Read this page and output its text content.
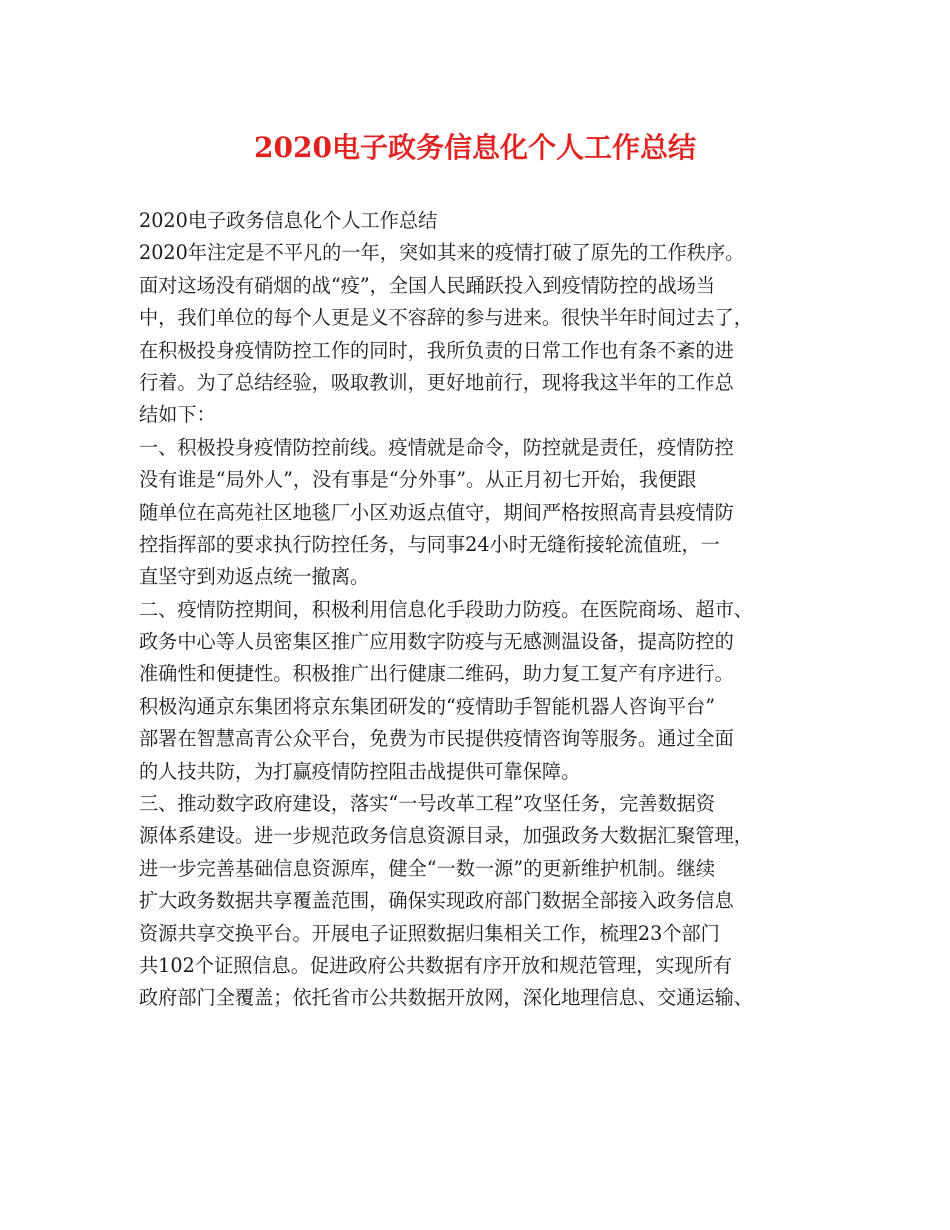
2020电子政务信息化个人工作总结
2020电子政务信息化个人工作总结
2020年注定是不平凡的一年，突如其来的疫情打破了原先的工作秩序。
面对这场没有硝烟的战“疫”，全国人民踊跃投入到疫情防控的战场当
中，我们单位的每个人更是义不容辞的参与进来。很快半年时间过去了，
在积极投身疫情防控工作的同时，我所负责的日常工作也有条不紊的进
行着。为了总结经验，吸取教训，更好地前行，现将我这半年的工作总
结如下：
一、积极投身疫情防控前线。疫情就是命令，防控就是责任，疫情防控
没有谁是“局外人”，没有事是“分外事”。从正月初七开始，我便跟
随单位在高苑社区地毯厂小区劝返点值守，期间严格按照高青县疫情防
控指挥部的要求执行防控任务，与同事24小时无缝衔接轮流值班，一
直坚守到劝返点统一撤离。
二、疫情防控期间，积极利用信息化手段助力防疫。在医院商场、超市、
政务中心等人员密集区推广应用数字防疫与无感测温设备，提高防控的
准确性和便捷性。积极推广出行健康二维码，助力复工复产有序进行。
积极沟通京东集团将京东集团研发的“疫情助手智能机器人咨询平台”
部署在智慧高青公众平台，免费为市民提供疫情咨询等服务。通过全面
的人技共防，为打赢疫情防控阻击战提供可靠保障。
三、推动数字政府建设，落实“一号改革工程”攻坚任务，完善数据资
源体系建设。进一步规范政务信息资源目录，加强政务大数据汇聚管理，
进一步完善基础信息资源库，健全“一数一源”的更新维护机制。继续
扩大政务数据共享覆盖范围，确保实现政府部门数据全部接入政务信息
资源共享交换平台。开展电子证照数据归集相关工作，梳理23个部门
共102个证照信息。促进政府公共数据有序开放和规范管理，实现所有
政府部门全覆盖；依托省市公共数据开放网，深化地理信息、交通运输、
